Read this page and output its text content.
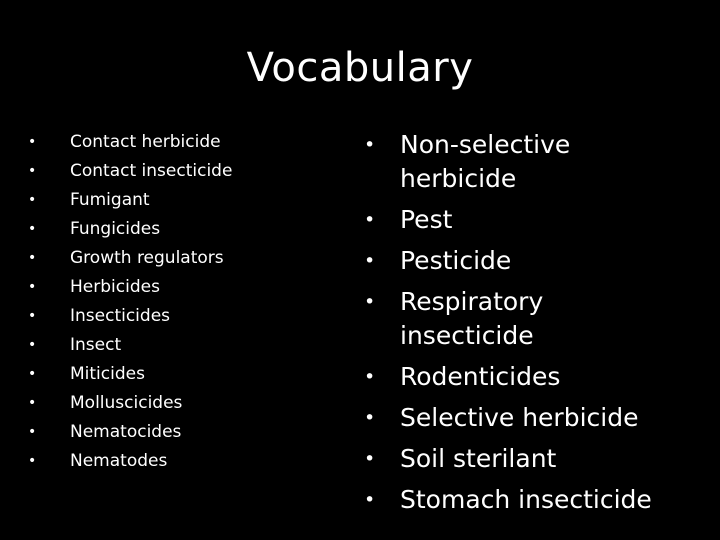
Vocabulary
•	Contact herbicide
•	Contact insecticide
•	Fumigant
•	Fungicides
•	Growth regulators
•	Herbicides
•	Insecticides
•	Insect
•	Miticides
•	Molluscicides
•	Nematocides
•	Nematodes
• Non-selective
herbicide
• Pest
• Pesticide
• Respiratory
insecticide
• Rodenticides
• Selective herbicide
• Soil sterilant
• Stomach insecticide
